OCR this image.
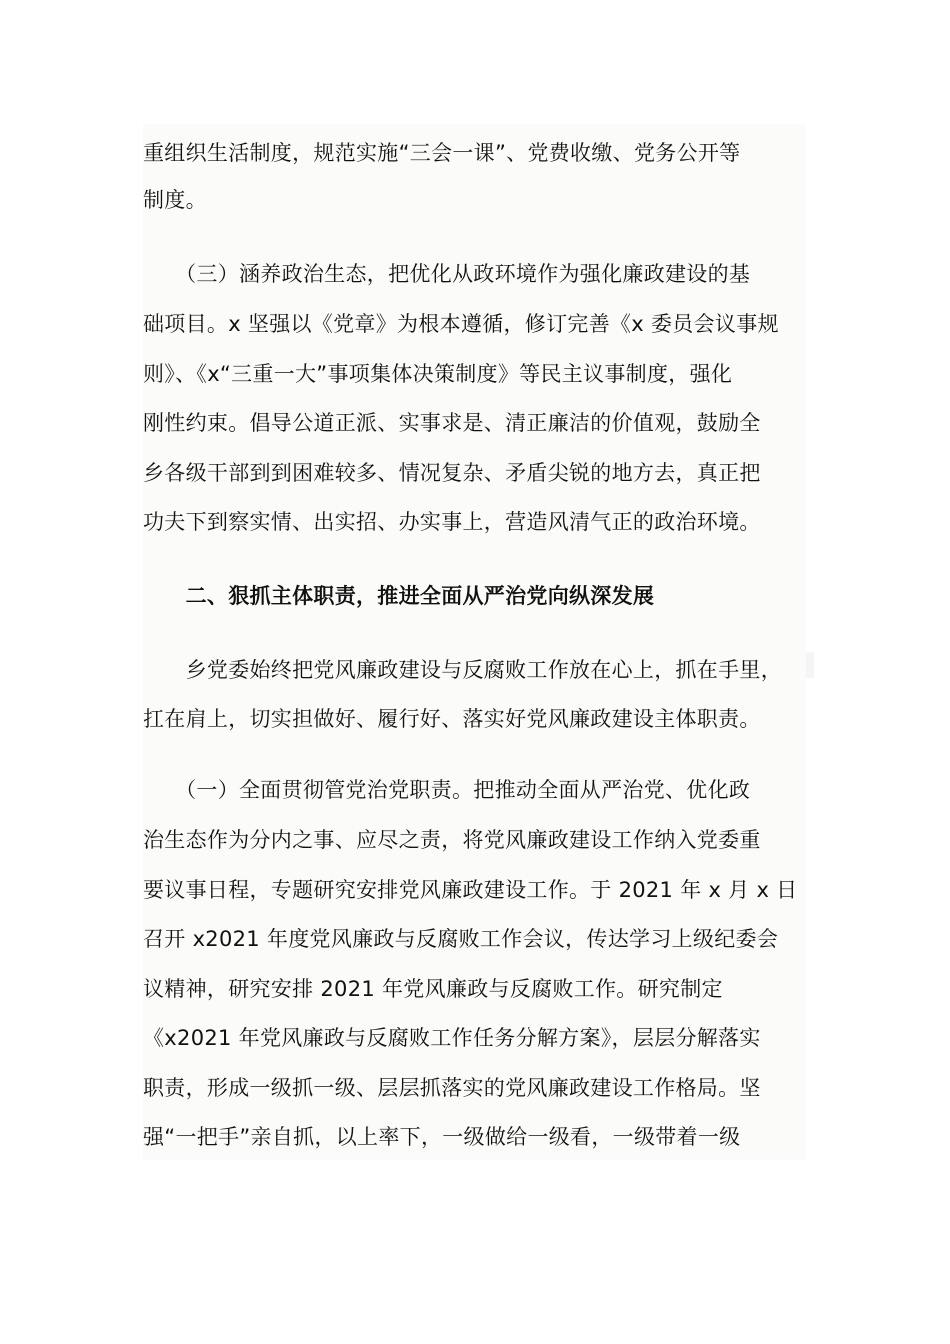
重组织生活制度，规范实施“三会一课”、党费收缴、党务公开等
制度。
　　（三）涵养政治生态，把优化从政环境作为强化廉政建设的基
础项目。x 坚强以《党章》为根本遵循，修订完善《x 委员会议事规
则》、《x“三重一大”事项集体决策制度》等民主议事制度，强化
刚性约束。倡导公道正派、实事求是、清正廉洁的价值观，鼓励全
乡各级干部到到困难较多、情况复杂、矛盾尖锐的地方去，真正把
功夫下到察实情、出实招、办实事上，营造风清气正的政治环境。
　　二、狠抓主体职责，推进全面从严治党向纵深发展
　　乡党委始终把党风廉政建设与反腐败工作放在心上，抓在手里，
扛在肩上，切实担做好、履行好、落实好党风廉政建设主体职责。
　　（一）全面贯彻管党治党职责。把推动全面从严治党、优化政
治生态作为分内之事、应尽之责，将党风廉政建设工作纳入党委重
要议事日程，专题研究安排党风廉政建设工作。于 2021 年 x 月 x 日
召开 x2021 年度党风廉政与反腐败工作会议，传达学习上级纪委会
议精神，研究安排 2021 年党风廉政与反腐败工作。研究制定
《x2021 年党风廉政与反腐败工作任务分解方案》，层层分解落实
职责，形成一级抓一级、层层抓落实的党风廉政建设工作格局。坚
强“一把手”亲自抓，以上率下，一级做给一级看，一级带着一级
